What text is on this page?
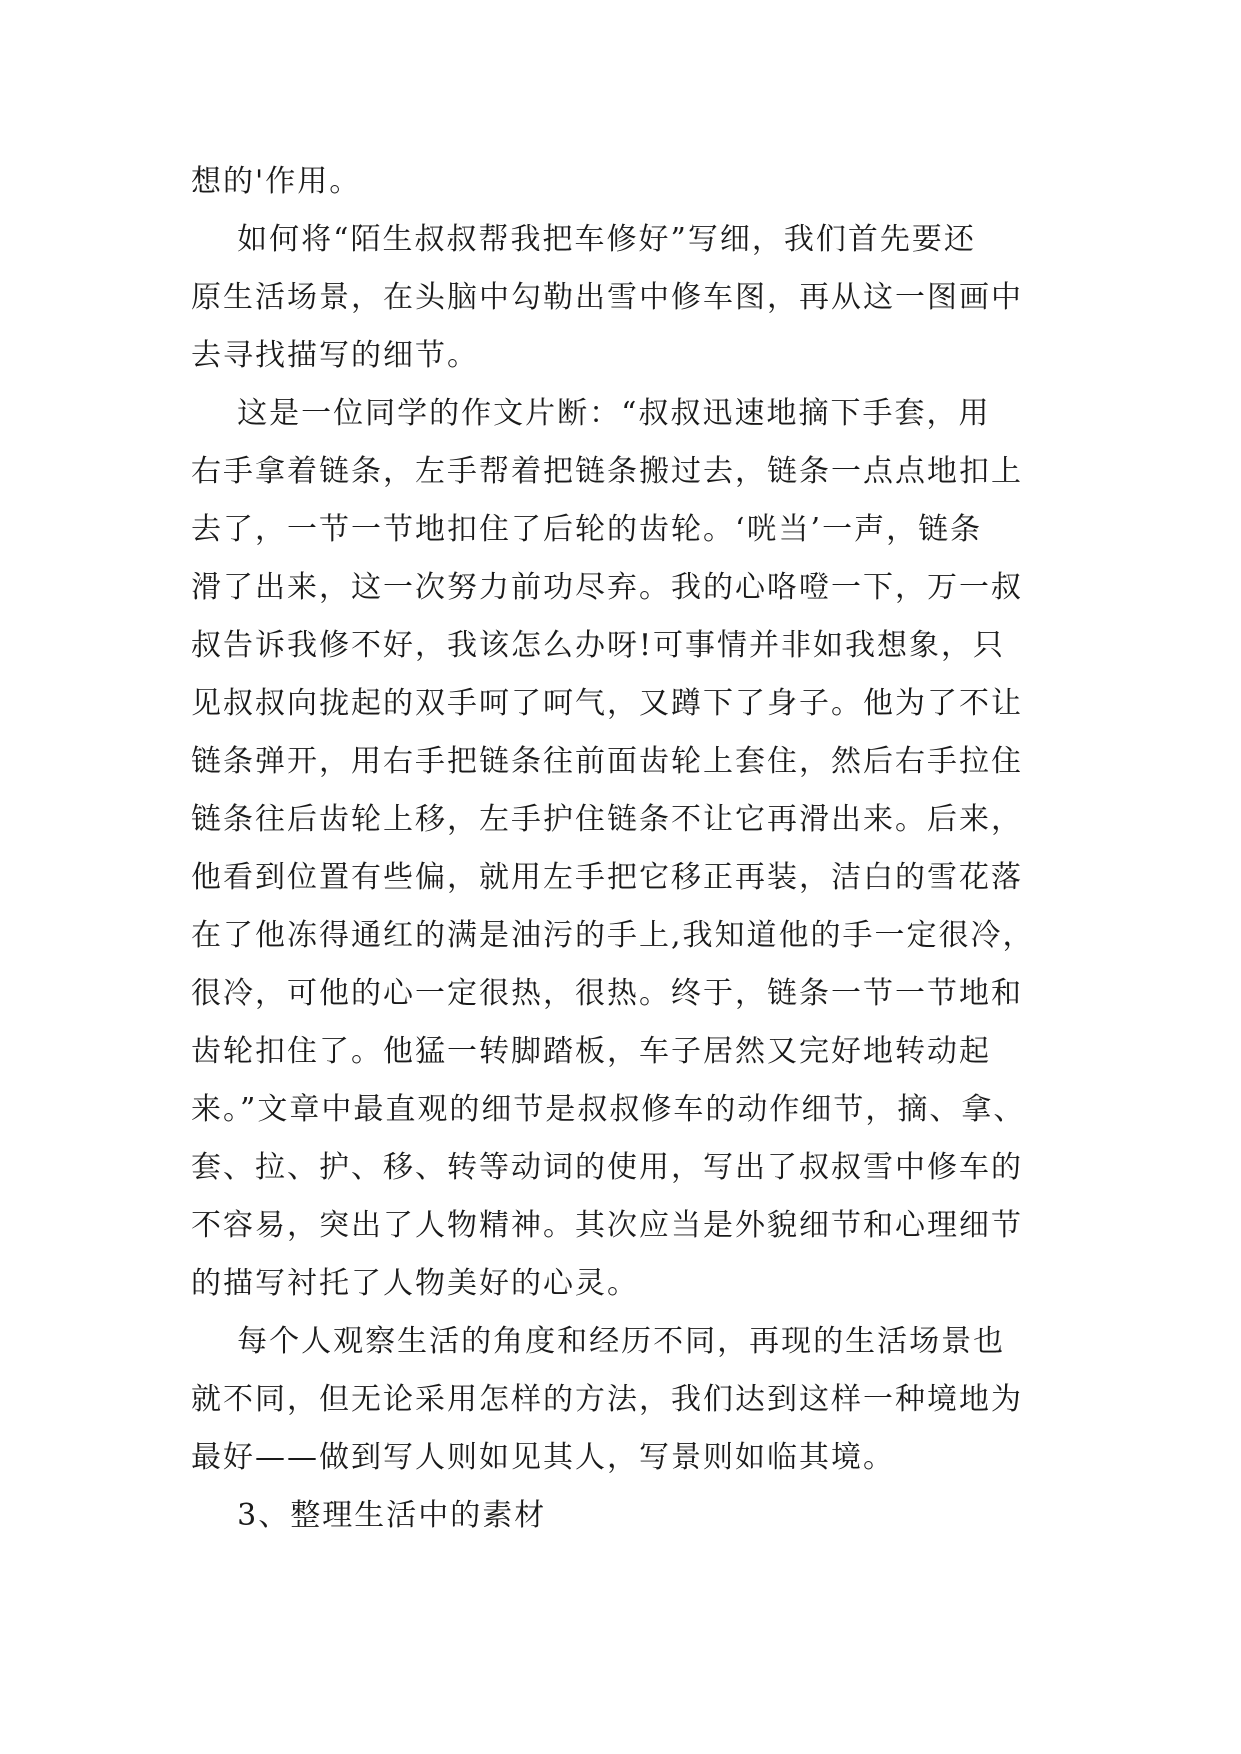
想的'作用。
如何将“陌生叔叔帮我把车修好”写细，我们首先要还
原生活场景，在头脑中勾勒出雪中修车图，再从这一图画中
去寻找描写的细节。
这是一位同学的作文片断：“叔叔迅速地摘下手套，用
右手拿着链条，左手帮着把链条搬过去，链条一点点地扣上
去了，一节一节地扣住了后轮的齿轮。‘咣当’一声，链条
滑了出来，这一次努力前功尽弃。我的心咯噔一下，万一叔
叔告诉我修不好，我该怎么办呀!可事情并非如我想象，只
见叔叔向拢起的双手呵了呵气，又蹲下了身子。他为了不让
链条弹开，用右手把链条往前面齿轮上套住，然后右手拉住
链条往后齿轮上移，左手护住链条不让它再滑出来。后来，
他看到位置有些偏，就用左手把它移正再装，洁白的雪花落
在了他冻得通红的满是油污的手上,我知道他的手一定很冷，
很冷，可他的心一定很热，很热。终于，链条一节一节地和
齿轮扣住了。他猛一转脚踏板，车子居然又完好地转动起
来。”文章中最直观的细节是叔叔修车的动作细节，摘、拿、
套、拉、护、移、转等动词的使用，写出了叔叔雪中修车的
不容易，突出了人物精神。其次应当是外貌细节和心理细节
的描写衬托了人物美好的心灵。
每个人观察生活的角度和经历不同，再现的生活场景也
就不同，但无论采用怎样的方法，我们达到这样一种境地为
最好——做到写人则如见其人，写景则如临其境。
3、整理生活中的素材
